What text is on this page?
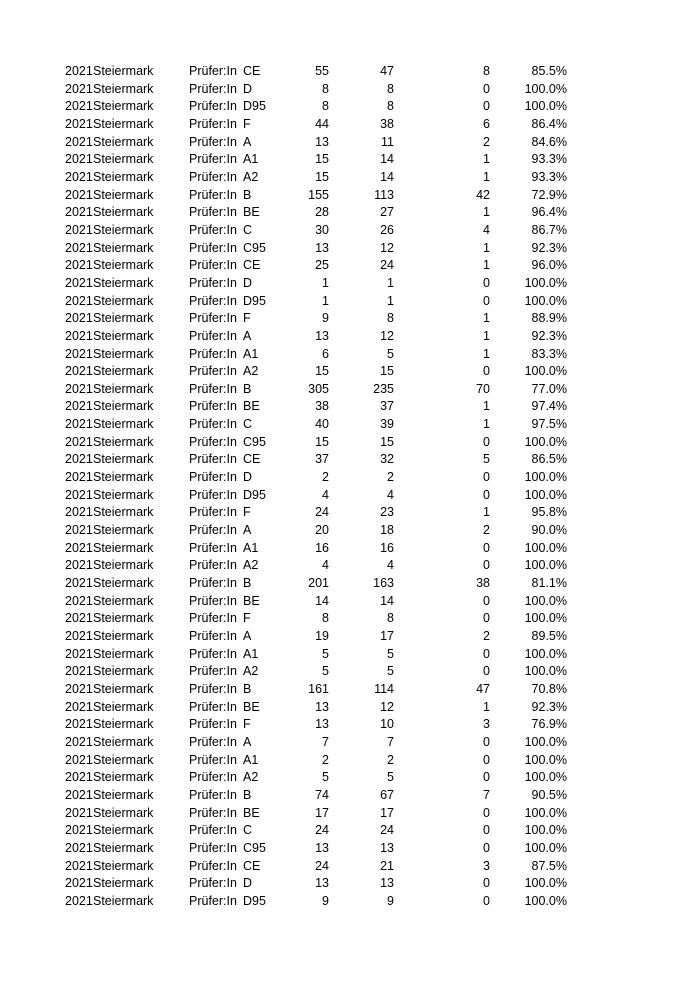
2021 Steiermark	Prüfer:In CE	55	47	8	85.5%
2021 Steiermark	Prüfer:In D	8	8	0	100.0%
2021 Steiermark	Prüfer:In D95	8	8	0	100.0%
2021 Steiermark	Prüfer:In F	44	38	6	86.4%
2021 Steiermark	Prüfer:In A	13	11	2	84.6%
2021 Steiermark	Prüfer:In A1	15	14	1	93.3%
2021 Steiermark	Prüfer:In A2	15	14	1	93.3%
2021 Steiermark	Prüfer:In B	155	113	42	72.9%
2021 Steiermark	Prüfer:In BE	28	27	1	96.4%
2021 Steiermark	Prüfer:In C	30	26	4	86.7%
2021 Steiermark	Prüfer:In C95	13	12	1	92.3%
2021 Steiermark	Prüfer:In CE	25	24	1	96.0%
2021 Steiermark	Prüfer:In D	1	1	0	100.0%
2021 Steiermark	Prüfer:In D95	1	1	0	100.0%
2021 Steiermark	Prüfer:In F	9	8	1	88.9%
2021 Steiermark	Prüfer:In A	13	12	1	92.3%
2021 Steiermark	Prüfer:In A1	6	5	1	83.3%
2021 Steiermark	Prüfer:In A2	15	15	0	100.0%
2021 Steiermark	Prüfer:In B	305	235	70	77.0%
2021 Steiermark	Prüfer:In BE	38	37	1	97.4%
2021 Steiermark	Prüfer:In C	40	39	1	97.5%
2021 Steiermark	Prüfer:In C95	15	15	0	100.0%
2021 Steiermark	Prüfer:In CE	37	32	5	86.5%
2021 Steiermark	Prüfer:In D	2	2	0	100.0%
2021 Steiermark	Prüfer:In D95	4	4	0	100.0%
2021 Steiermark	Prüfer:In F	24	23	1	95.8%
2021 Steiermark	Prüfer:In A	20	18	2	90.0%
2021 Steiermark	Prüfer:In A1	16	16	0	100.0%
2021 Steiermark	Prüfer:In A2	4	4	0	100.0%
2021 Steiermark	Prüfer:In B	201	163	38	81.1%
2021 Steiermark	Prüfer:In BE	14	14	0	100.0%
2021 Steiermark	Prüfer:In F	8	8	0	100.0%
2021 Steiermark	Prüfer:In A	19	17	2	89.5%
2021 Steiermark	Prüfer:In A1	5	5	0	100.0%
2021 Steiermark	Prüfer:In A2	5	5	0	100.0%
2021 Steiermark	Prüfer:In B	161	114	47	70.8%
2021 Steiermark	Prüfer:In BE	13	12	1	92.3%
2021 Steiermark	Prüfer:In F	13	10	3	76.9%
2021 Steiermark	Prüfer:In A	7	7	0	100.0%
2021 Steiermark	Prüfer:In A1	2	2	0	100.0%
2021 Steiermark	Prüfer:In A2	5	5	0	100.0%
2021 Steiermark	Prüfer:In B	74	67	7	90.5%
2021 Steiermark	Prüfer:In BE	17	17	0	100.0%
2021 Steiermark	Prüfer:In C	24	24	0	100.0%
2021 Steiermark	Prüfer:In C95	13	13	0	100.0%
2021 Steiermark	Prüfer:In CE	24	21	3	87.5%
2021 Steiermark	Prüfer:In D	13	13	0	100.0%
2021 Steiermark	Prüfer:In D95	9	9	0	100.0%
